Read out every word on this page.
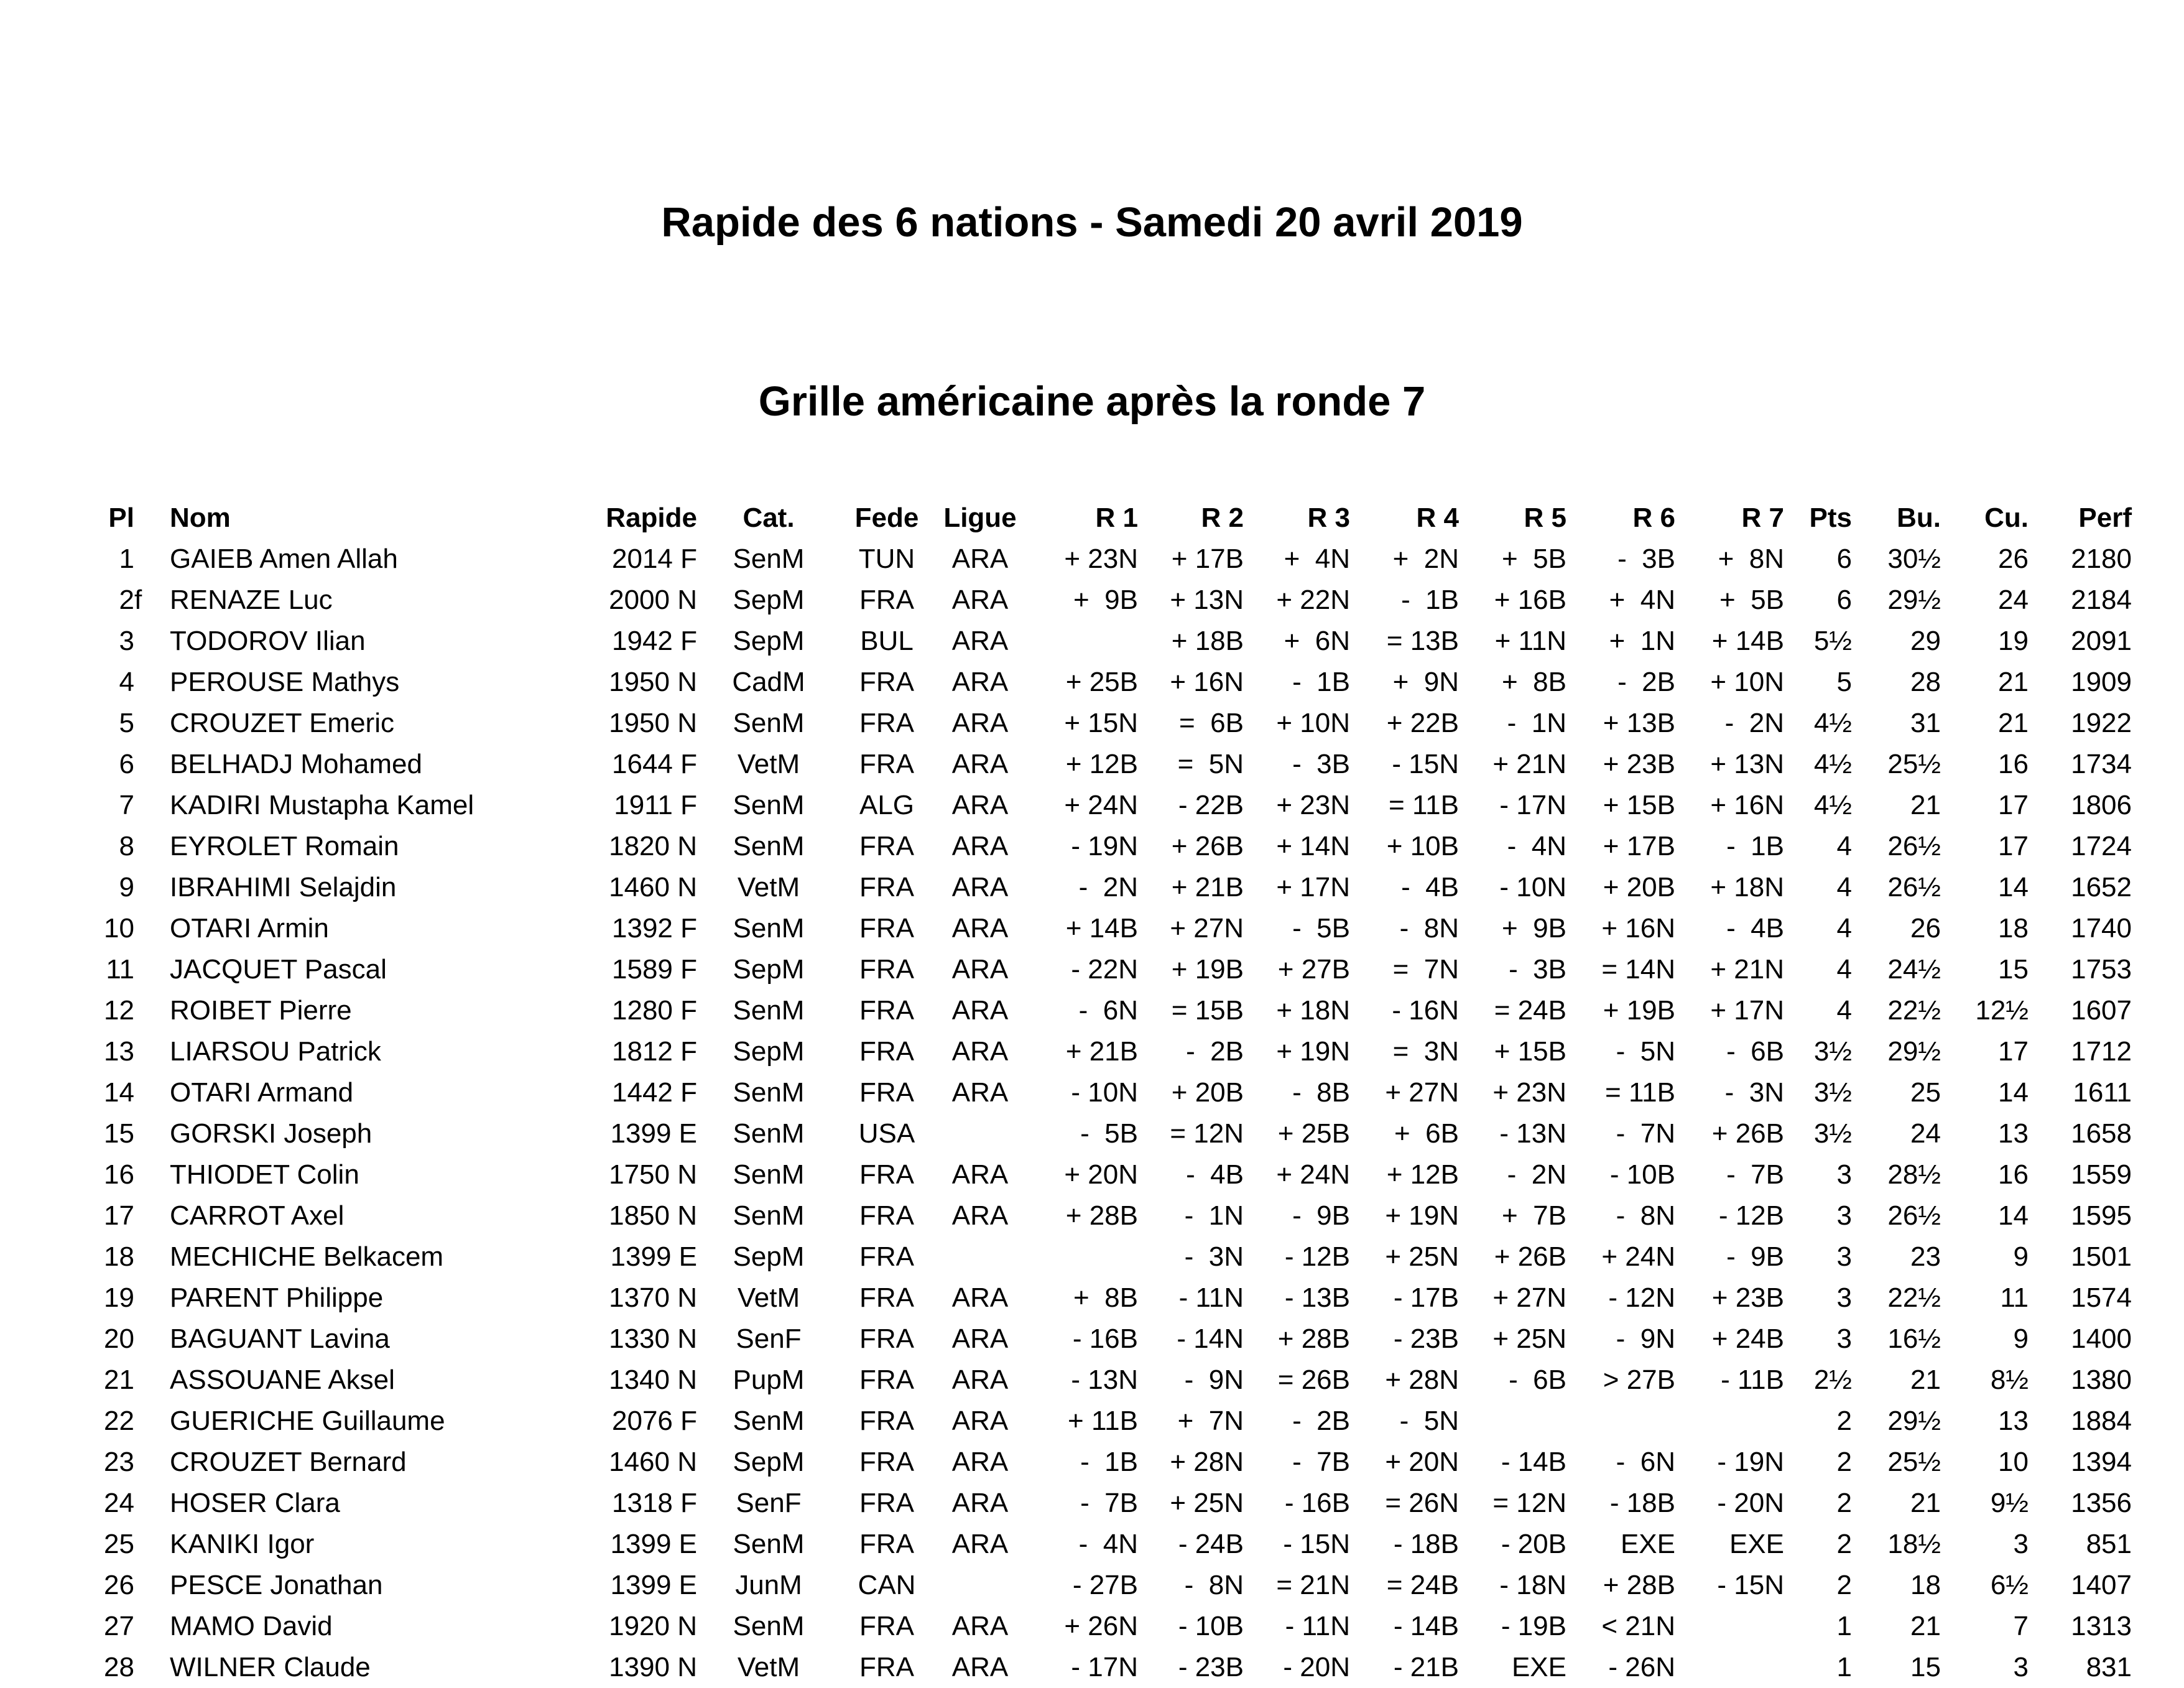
Rapide des 6 nations - Samedi 20 avril 2019

Grille américaine après la ronde 7

Pl		Nom	Rapide	Cat.	Fede	Ligue	R 1	R 2	R 3	R 4	R 5	R 6	R 7	Pts	Bu.	Cu.	Perf
1		GAIEB Amen Allah	2014 F	SenM	TUN	ARA	+ 23N	+ 17B	+  4N	+  2N	+  5B	-  3B	+  8N	6	30½	26	2180
2	f	RENAZE Luc	2000 N	SepM	FRA	ARA	+  9B	+ 13N	+ 22N	-  1B	+ 16B	+  4N	+  5B	6	29½	24	2184
3		TODOROV Ilian	1942 F	SepM	BUL	ARA		+ 18B	+  6N	= 13B	+ 11N	+  1N	+ 14B	5½	29	19	2091
4		PEROUSE Mathys	1950 N	CadM	FRA	ARA	+ 25B	+ 16N	-  1B	+  9N	+  8B	-  2B	+ 10N	5	28	21	1909
5		CROUZET Emeric	1950 N	SenM	FRA	ARA	+ 15N	=  6B	+ 10N	+ 22B	-  1N	+ 13B	-  2N	4½	31	21	1922
6		BELHADJ Mohamed	1644 F	VetM	FRA	ARA	+ 12B	=  5N	-  3B	- 15N	+ 21N	+ 23B	+ 13N	4½	25½	16	1734
7		KADIRI Mustapha Kamel	1911 F	SenM	ALG	ARA	+ 24N	- 22B	+ 23N	= 11B	- 17N	+ 15B	+ 16N	4½	21	17	1806
8		EYROLET Romain	1820 N	SenM	FRA	ARA	- 19N	+ 26B	+ 14N	+ 10B	-  4N	+ 17B	-  1B	4	26½	17	1724
9		IBRAHIMI Selajdin	1460 N	VetM	FRA	ARA	-  2N	+ 21B	+ 17N	-  4B	- 10N	+ 20B	+ 18N	4	26½	14	1652
10		OTARI Armin	1392 F	SenM	FRA	ARA	+ 14B	+ 27N	-  5B	-  8N	+  9B	+ 16N	-  4B	4	26	18	1740
11		JACQUET Pascal	1589 F	SepM	FRA	ARA	- 22N	+ 19B	+ 27B	=  7N	-  3B	= 14N	+ 21N	4	24½	15	1753
12		ROIBET Pierre	1280 F	SenM	FRA	ARA	-  6N	= 15B	+ 18N	- 16N	= 24B	+ 19B	+ 17N	4	22½	12½	1607
13		LIARSOU Patrick	1812 F	SepM	FRA	ARA	+ 21B	-  2B	+ 19N	=  3N	+ 15B	-  5N	-  6B	3½	29½	17	1712
14		OTARI Armand	1442 F	SenM	FRA	ARA	- 10N	+ 20B	-  8B	+ 27N	+ 23N	= 11B	-  3N	3½	25	14	1611
15		GORSKI Joseph	1399 E	SenM	USA		-  5B	= 12N	+ 25B	+  6B	- 13N	-  7N	+ 26B	3½	24	13	1658
16		THIODET Colin	1750 N	SenM	FRA	ARA	+ 20N	-  4B	+ 24N	+ 12B	-  2N	- 10B	-  7B	3	28½	16	1559
17		CARROT Axel	1850 N	SenM	FRA	ARA	+ 28B	-  1N	-  9B	+ 19N	+  7B	-  8N	- 12B	3	26½	14	1595
18		MECHICHE Belkacem	1399 E	SepM	FRA			-  3N	- 12B	+ 25N	+ 26B	+ 24N	-  9B	3	23	9	1501
19		PARENT Philippe	1370 N	VetM	FRA	ARA	+  8B	- 11N	- 13B	- 17B	+ 27N	- 12N	+ 23B	3	22½	11	1574
20		BAGUANT Lavina	1330 N	SenF	FRA	ARA	- 16B	- 14N	+ 28B	- 23B	+ 25N	-  9N	+ 24B	3	16½	9	1400
21		ASSOUANE Aksel	1340 N	PupM	FRA	ARA	- 13N	-  9N	= 26B	+ 28N	-  6B	> 27B	- 11B	2½	21	8½	1380
22		GUERICHE Guillaume	2076 F	SenM	FRA	ARA	+ 11B	+  7N	-  2B	-  5N				2	29½	13	1884
23		CROUZET Bernard	1460 N	SepM	FRA	ARA	-  1B	+ 28N	-  7B	+ 20N	- 14B	-  6N	- 19N	2	25½	10	1394
24		HOSER Clara	1318 F	SenF	FRA	ARA	-  7B	+ 25N	- 16B	= 26N	= 12N	- 18B	- 20N	2	21	9½	1356
25		KANIKI Igor	1399 E	SenM	FRA	ARA	-  4N	- 24B	- 15N	- 18B	- 20B	EXE	EXE	2	18½	3	851
26		PESCE Jonathan	1399 E	JunM	CAN		- 27B	-  8N	= 21N	= 24B	- 18N	+ 28B	- 15N	2	18	6½	1407
27		MAMO David	1920 N	SenM	FRA	ARA	+ 26N	- 10B	- 11N	- 14B	- 19B	< 21N		1	21	7	1313
28		WILNER Claude	1390 N	VetM	FRA	ARA	- 17N	- 23B	- 20N	- 21B	EXE	- 26N		1	15	3	831
